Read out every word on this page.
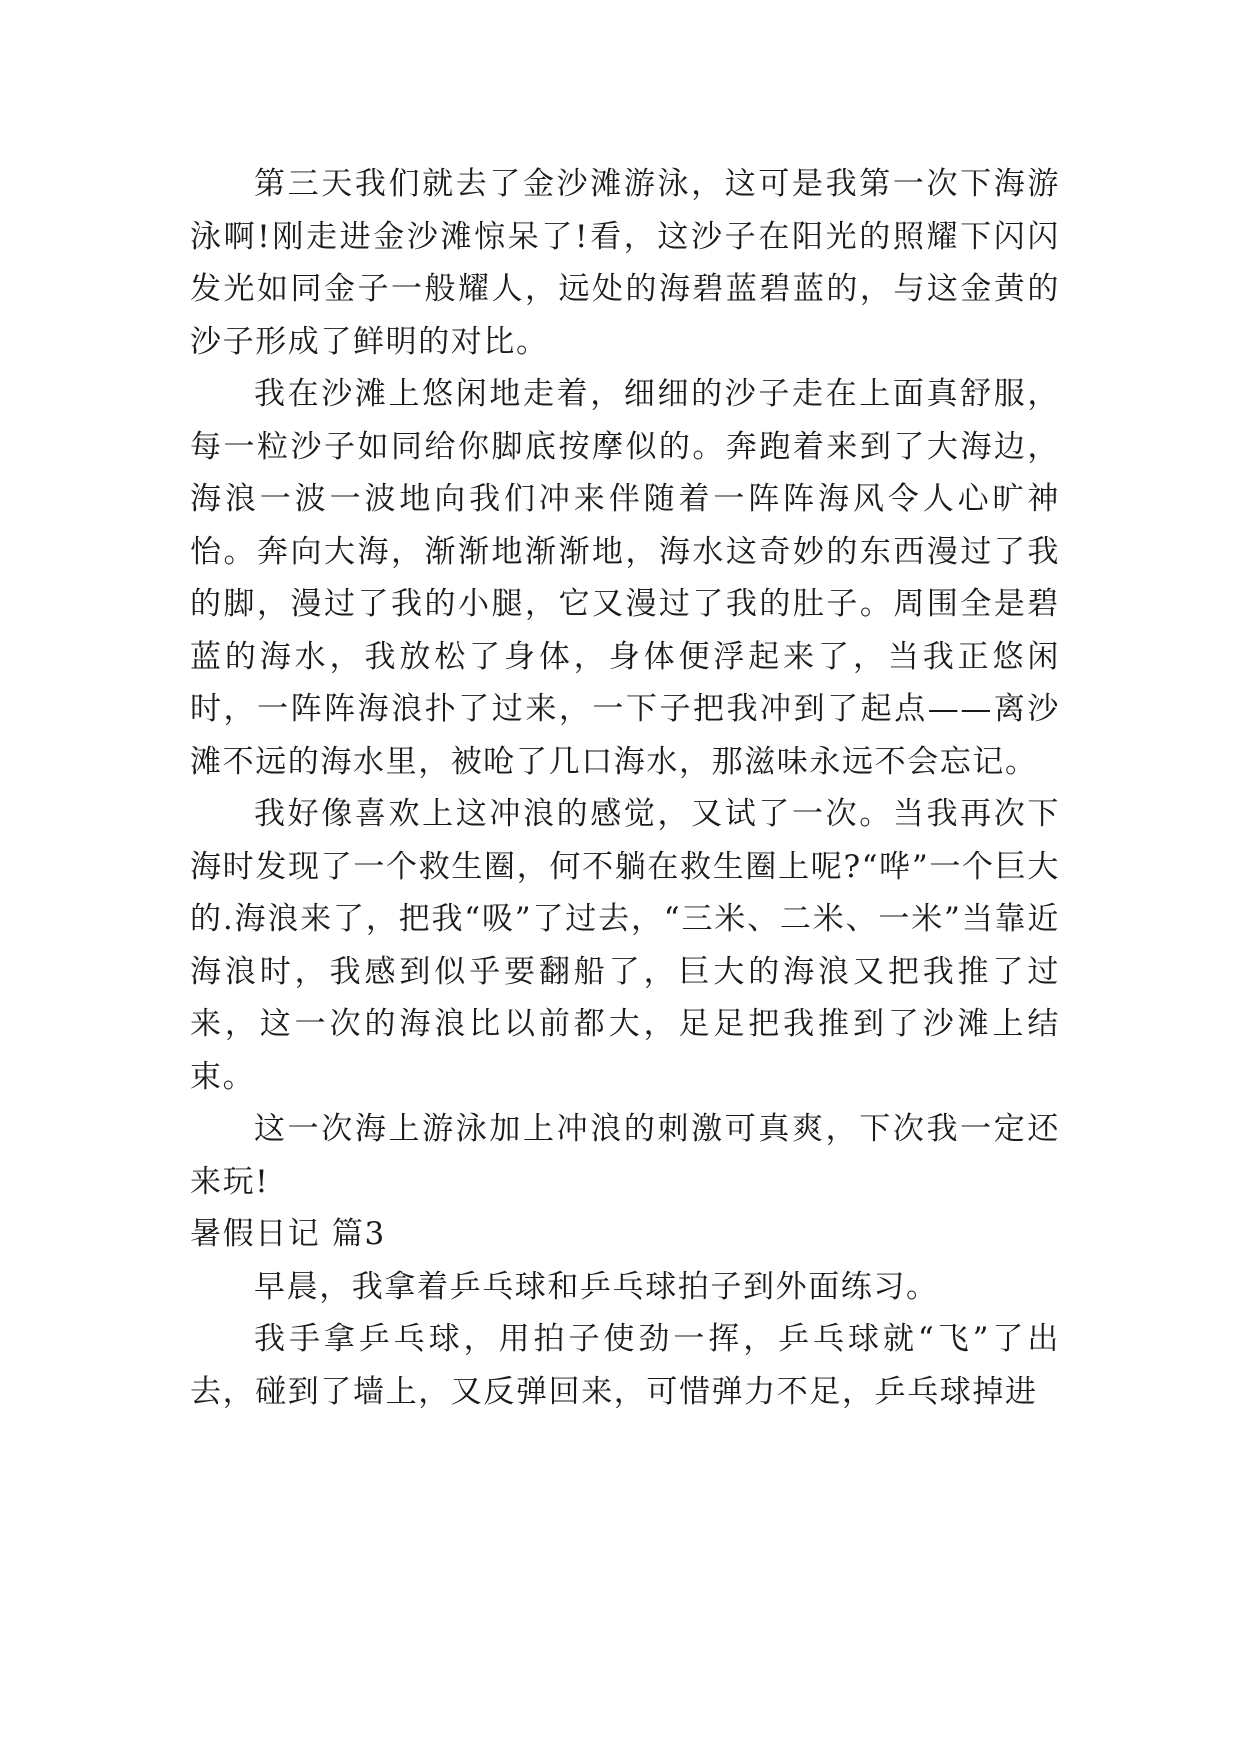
第三天我们就去了金沙滩游泳，这可是我第一次下海游泳啊!刚走进金沙滩惊呆了!看，这沙子在阳光的照耀下闪闪发光如同金子一般耀人，远处的海碧蓝碧蓝的，与这金黄的沙子形成了鲜明的对比。

我在沙滩上悠闲地走着，细细的沙子走在上面真舒服，每一粒沙子如同给你脚底按摩似的。奔跑着来到了大海边，海浪一波一波地向我们冲来伴随着一阵阵海风令人心旷神怡。奔向大海，渐渐地渐渐地，海水这奇妙的东西漫过了我的脚，漫过了我的小腿，它又漫过了我的肚子。周围全是碧蓝的海水，我放松了身体，身体便浮起来了，当我正悠闲时，一阵阵海浪扑了过来，一下子把我冲到了起点——离沙滩不远的海水里，被呛了几口海水，那滋味永远不会忘记。

我好像喜欢上这冲浪的感觉，又试了一次。当我再次下海时发现了一个救生圈，何不躺在救生圈上呢?“哗”一个巨大的.海浪来了，把我“吸”了过去，“三米、二米、一米”当靠近海浪时，我感到似乎要翻船了，巨大的海浪又把我推了过来，这一次的海浪比以前都大，足足把我推到了沙滩上结束。

这一次海上游泳加上冲浪的刺激可真爽，下次我一定还来玩!

暑假日记 篇3

早晨，我拿着乒乓球和乒乓球拍子到外面练习。

我手拿乒乓球，用拍子使劲一挥，乒乓球就“飞”了出去，碰到了墙上，又反弹回来，可惜弹力不足，乒乓球掉进
